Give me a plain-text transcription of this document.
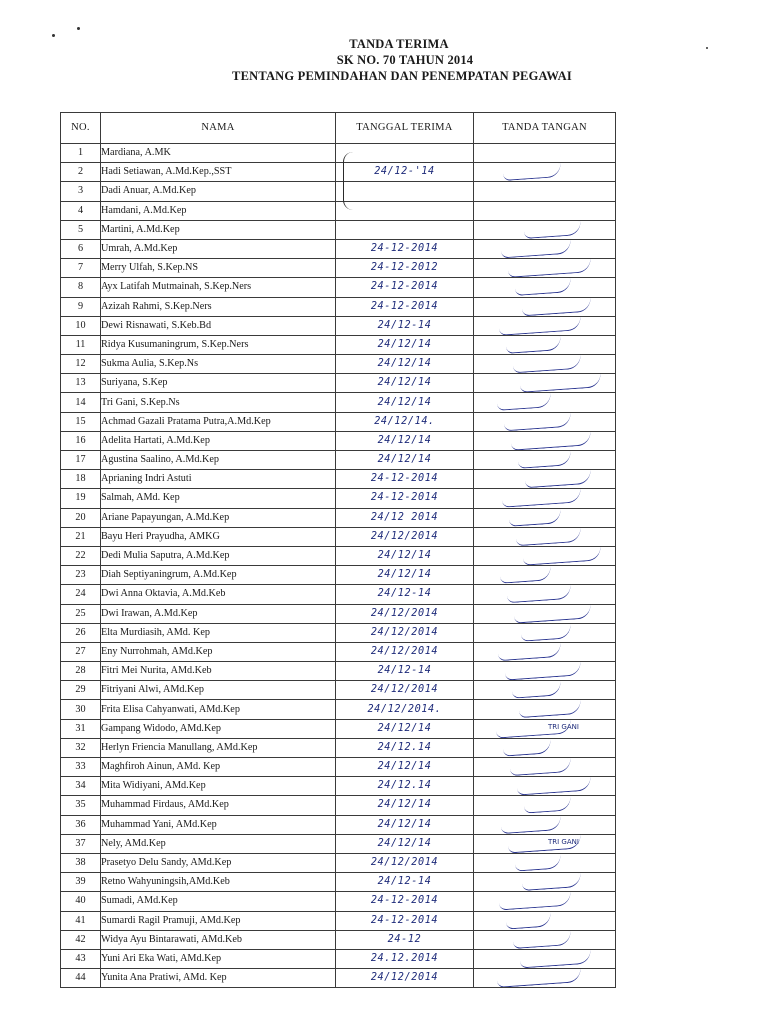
TANDA TERIMA
SK NO. 70 TAHUN 2014
TENTANG PEMINDAHAN DAN PENEMPATAN PEGAWAI
NO.	NAMA	TANGGAL TERIMA	TANDA TANGAN
1	Mardiana, A.MK		
2	Hadi Setiawan, A.Md.Kep.,SST	24/12-'14	

3	Dadi Anuar, A.Md.Kep		
4	Hamdani, A.Md.Kep		
5	Martini, A.Md.Kep		

6	Umrah, A.Md.Kep	24-12-2014	

7	Merry Ulfah, S.Kep.NS	24-12-2012	

8	Ayx Latifah Mutmainah, S.Kep.Ners	24-12-2014	

9	Azizah Rahmi, S.Kep.Ners	24-12-2014	

10	Dewi Risnawati, S.Keb.Bd	24/12-14	

11	Ridya Kusumaningrum, S.Kep.Ners	24/12/14	

12	Sukma Aulia, S.Kep.Ns	24/12/14	

13	Suriyana, S.Kep	24/12/14	

14	Tri Gani, S.Kep.Ns	24/12/14	

15	Achmad Gazali Pratama Putra,A.Md.Kep	24/12/14.	

16	Adelita Hartati, A.Md.Kep	24/12/14	

17	Agustina Saalino, A.Md.Kep	24/12/14	

18	Aprianing Indri Astuti	24-12-2014	

19	Salmah, AMd. Kep	24-12-2014	

20	Ariane Papayungan, A.Md.Kep	24/12 2014	

21	Bayu Heri Prayudha, AMKG	24/12/2014	

22	Dedi Mulia Saputra, A.Md.Kep	24/12/14	

23	Diah Septiyaningrum, A.Md.Kep	24/12/14	

24	Dwi Anna Oktavia, A.Md.Keb	24/12-14	

25	Dwi Irawan, A.Md.Kep	24/12/2014	

26	Elta Murdiasih, AMd. Kep	24/12/2014	

27	Eny Nurrohmah, AMd.Kep	24/12/2014	

28	Fitri Mei Nurita, AMd.Keb	24/12-14	

29	Fitriyani Alwi, AMd.Kep	24/12/2014	

30	Frita Elisa Cahyanwati, AMd.Kep	24/12/2014.	

31	Gampang Widodo, AMd.Kep	24/12/14	TRI GANI

32	Herlyn Friencia Manullang, AMd.Kep	24/12.14	

33	Maghfiroh Ainun, AMd. Kep	24/12/14	

34	Mita Widiyani, AMd.Kep	24/12.14	

35	Muhammad Firdaus, AMd.Kep	24/12/14	

36	Muhammad Yani, AMd.Kep	24/12/14	

37	Nely, AMd.Kep	24/12/14	TRI GANI

38	Prasetyo Delu Sandy, AMd.Kep	24/12/2014	

39	Retno Wahyuningsih,AMd.Keb	24/12-14	

40	Sumadi, AMd.Kep	24-12-2014	

41	Sumardi Ragil Pramuji, AMd.Kep	24-12-2014	

42	Widya Ayu Bintarawati, AMd.Keb	24-12	

43	Yuni Ari Eka Wati, AMd.Kep	24.12.2014	

44	Yunita Ana Pratiwi, AMd. Kep	24/12/2014	
